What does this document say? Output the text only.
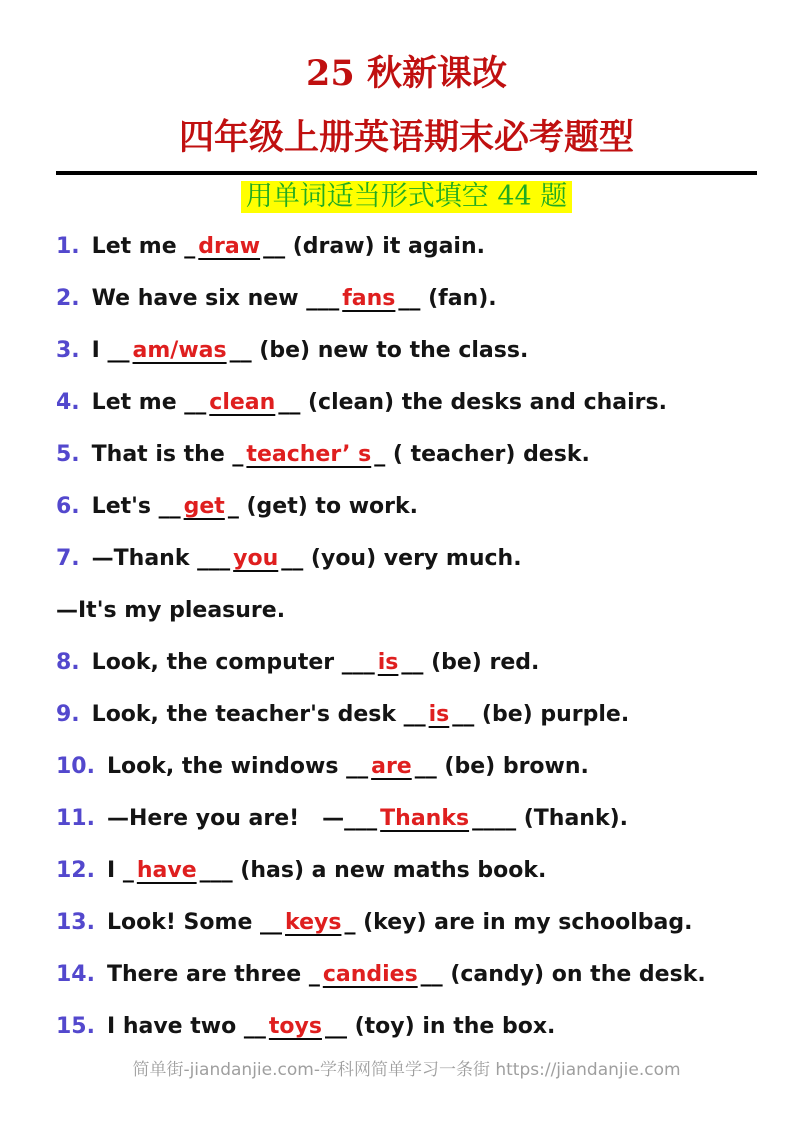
25 秋新课改
四年级上册英语期末必考题型
用单词适当形式填空 44 题
1. Let me _ draw __ (draw) it again.
2. We have six new ___ fans __ (fan).
3. I __ am/was __ (be) new to the class.
4. Let me __ clean __ (clean) the desks and chairs.
5. That is the _ teacher’ s _ ( teacher) desk.
6. Let's __ get _ (get) to work.
7. —Thank ___ you __ (you) very much.
—It's my pleasure.
8. Look, the computer ___ is __ (be) red.
9. Look, the teacher's desk __ is __ (be) purple.
10. Look, the windows __ are __ (be) brown.
11. —Here you are!   —___ Thanks ____ (Thank).
12. I _ have ___ (has) a new maths book.
13. Look! Some __ keys _ (key) are in my schoolbag.
14. There are three _ candies __ (candy) on the desk.
15. I have two __ toys __ (toy) in the box.
简单街-jiandanjie.com-学科网简单学习一条街 https://jiandanjie.com
